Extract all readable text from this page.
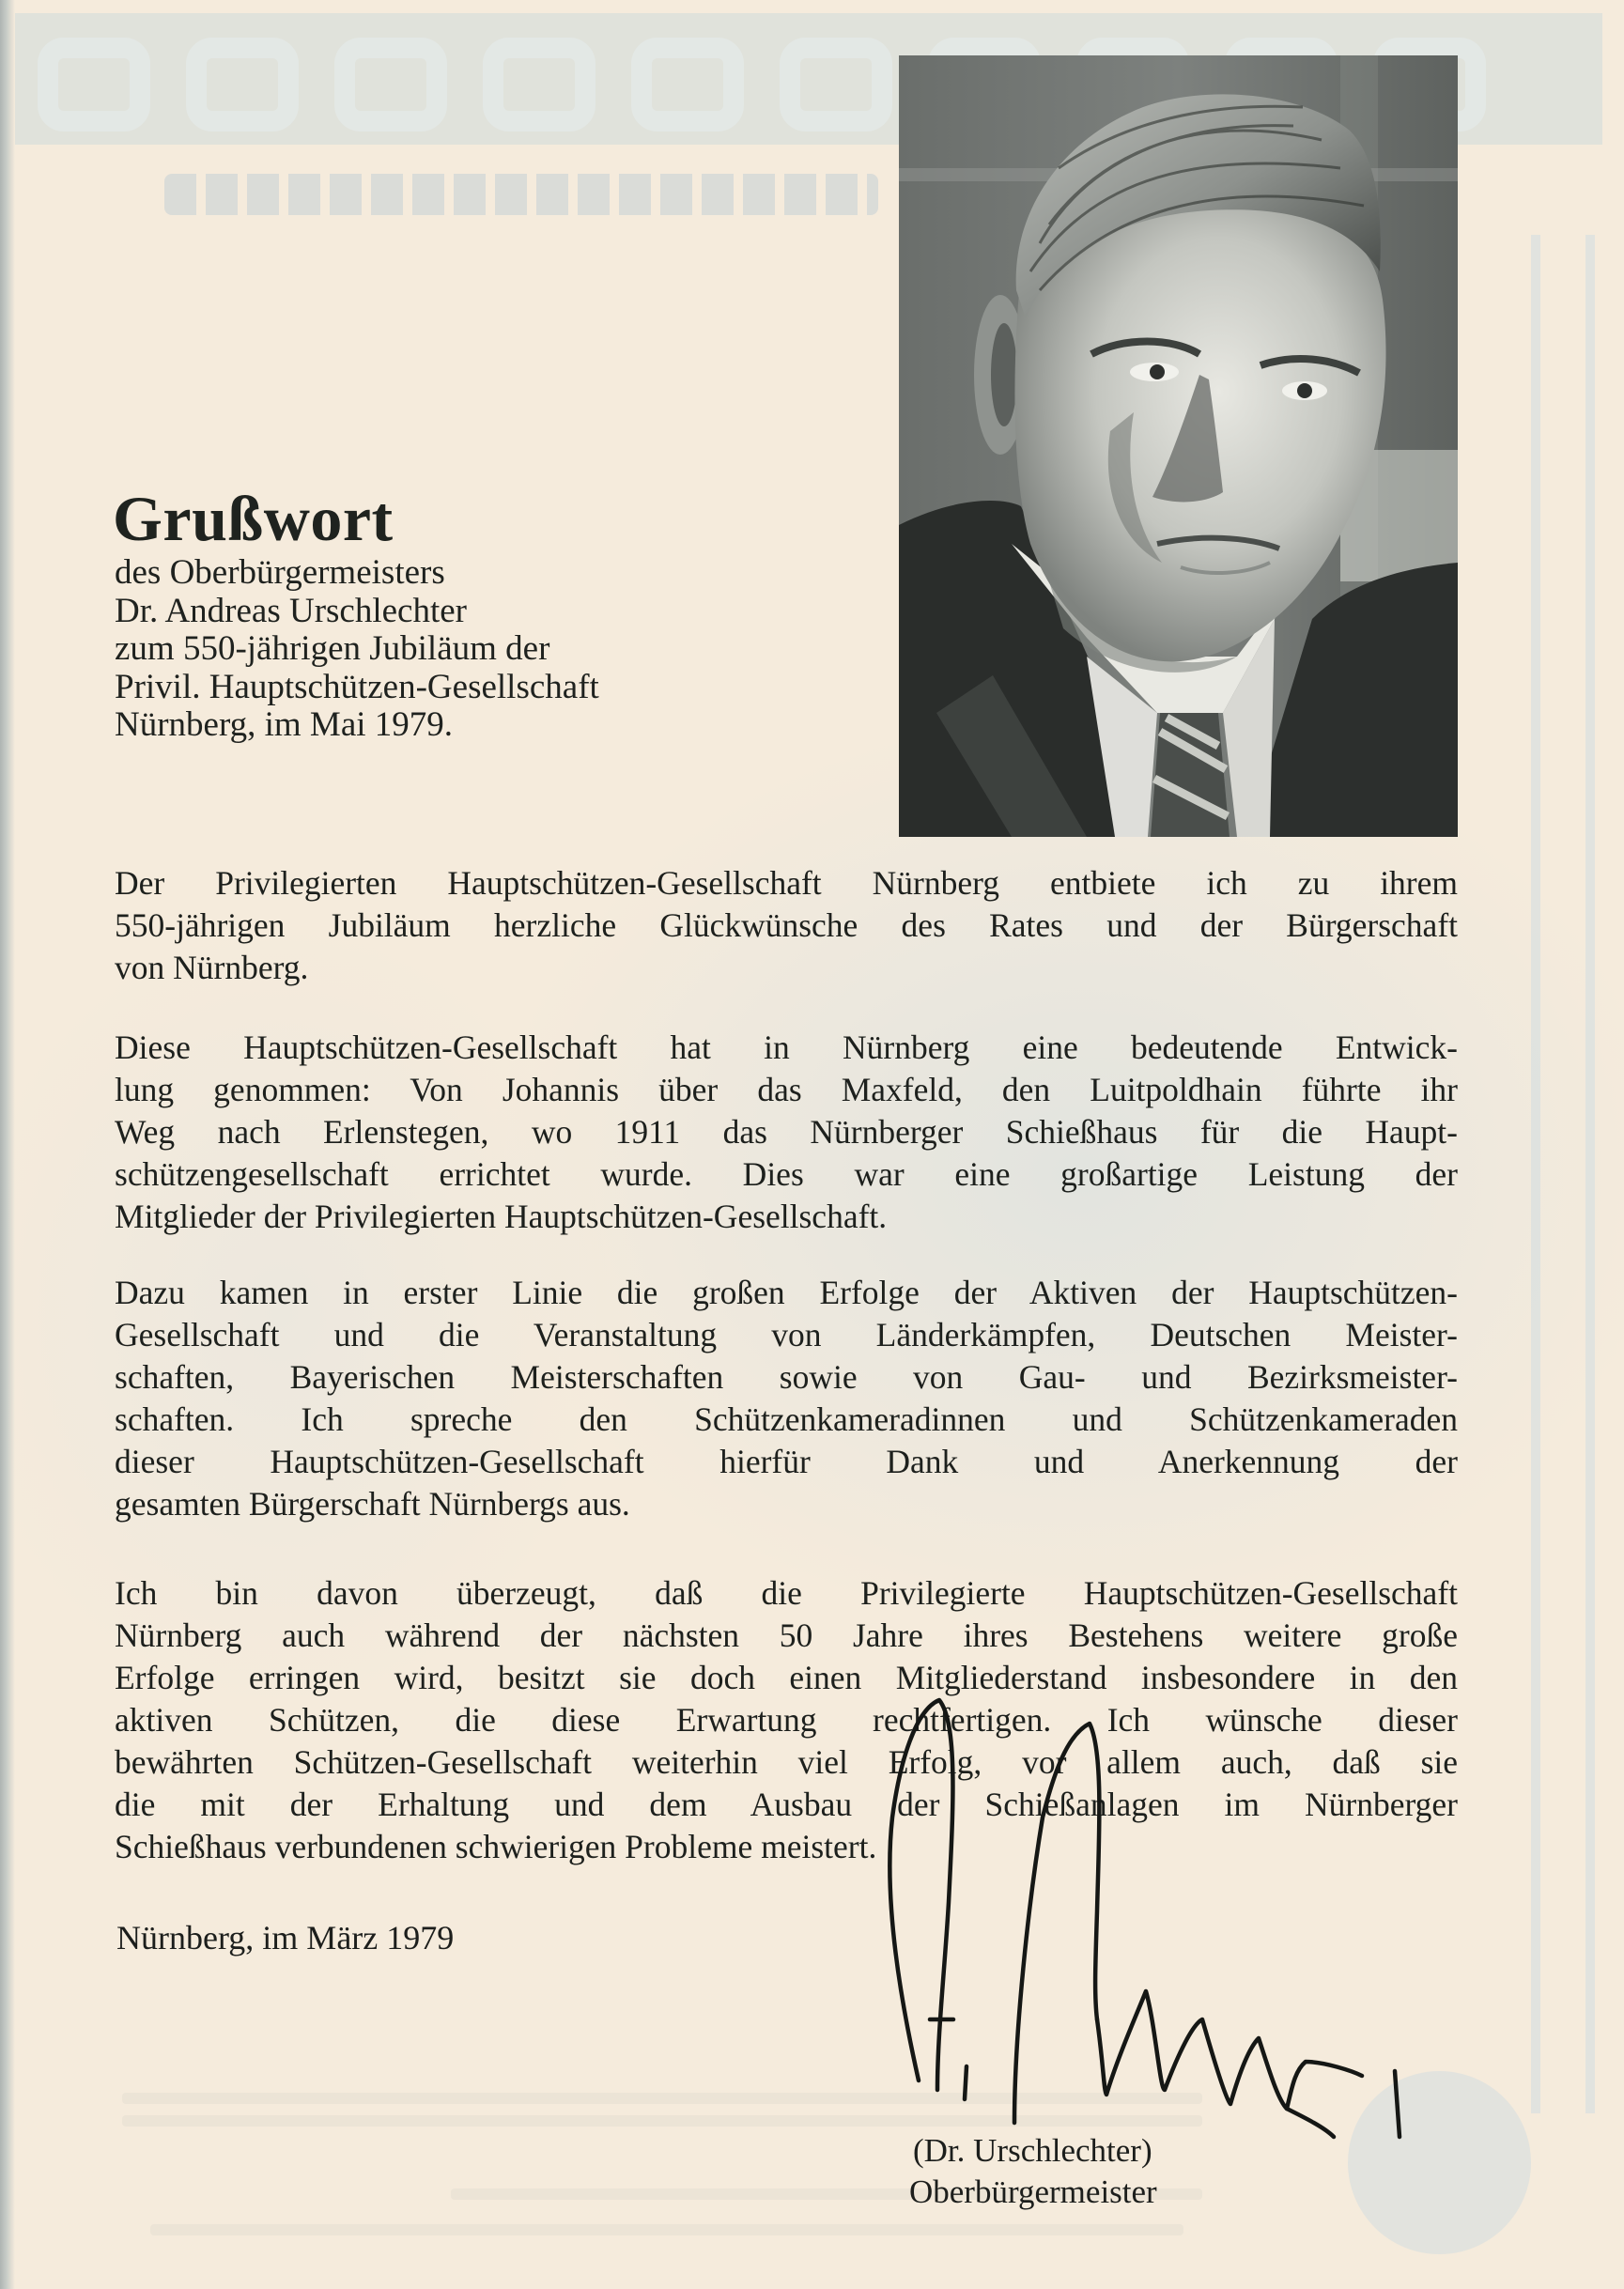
Grußwort
des Oberbürgermeisters
Dr. Andreas Urschlechter
zum 550-jährigen Jubiläum der
Privil. Hauptschützen-Gesellschaft
Nürnberg, im Mai 1979.
Der Privilegierten Hauptschützen-Gesellschaft Nürnberg entbiete ich zu ihrem
550-jährigen Jubiläum herzliche Glückwünsche des Rates und der Bürgerschaft
von Nürnberg.
Diese Hauptschützen-Gesellschaft hat in Nürnberg eine bedeutende Entwick-
lung genommen: Von Johannis über das Maxfeld, den Luitpoldhain führte ihr
Weg nach Erlenstegen, wo 1911 das Nürnberger Schießhaus für die Haupt-
schützengesellschaft errichtet wurde. Dies war eine großartige Leistung der
Mitglieder der Privilegierten Hauptschützen-Gesellschaft.
Dazu kamen in erster Linie die großen Erfolge der Aktiven der Hauptschützen-
Gesellschaft und die Veranstaltung von Länderkämpfen, Deutschen Meister-
schaften, Bayerischen Meisterschaften sowie von Gau- und Bezirksmeister-
schaften. Ich spreche den Schützenkameradinnen und Schützenkameraden
dieser Hauptschützen-Gesellschaft hierfür Dank und Anerkennung der
gesamten Bürgerschaft Nürnbergs aus.
Ich bin davon überzeugt, daß die Privilegierte Hauptschützen-Gesellschaft
Nürnberg auch während der nächsten 50 Jahre ihres Bestehens weitere große
Erfolge erringen wird, besitzt sie doch einen Mitgliederstand insbesondere in den
aktiven Schützen, die diese Erwartung rechtfertigen. Ich wünsche dieser
bewährten Schützen-Gesellschaft weiterhin viel Erfolg, vor allem auch, daß sie
die mit der Erhaltung und dem Ausbau der Schießanlagen im Nürnberger
Schießhaus verbundenen schwierigen Probleme meistert.
Nürnberg, im März 1979
(Dr. Urschlechter)
Oberbürgermeister
